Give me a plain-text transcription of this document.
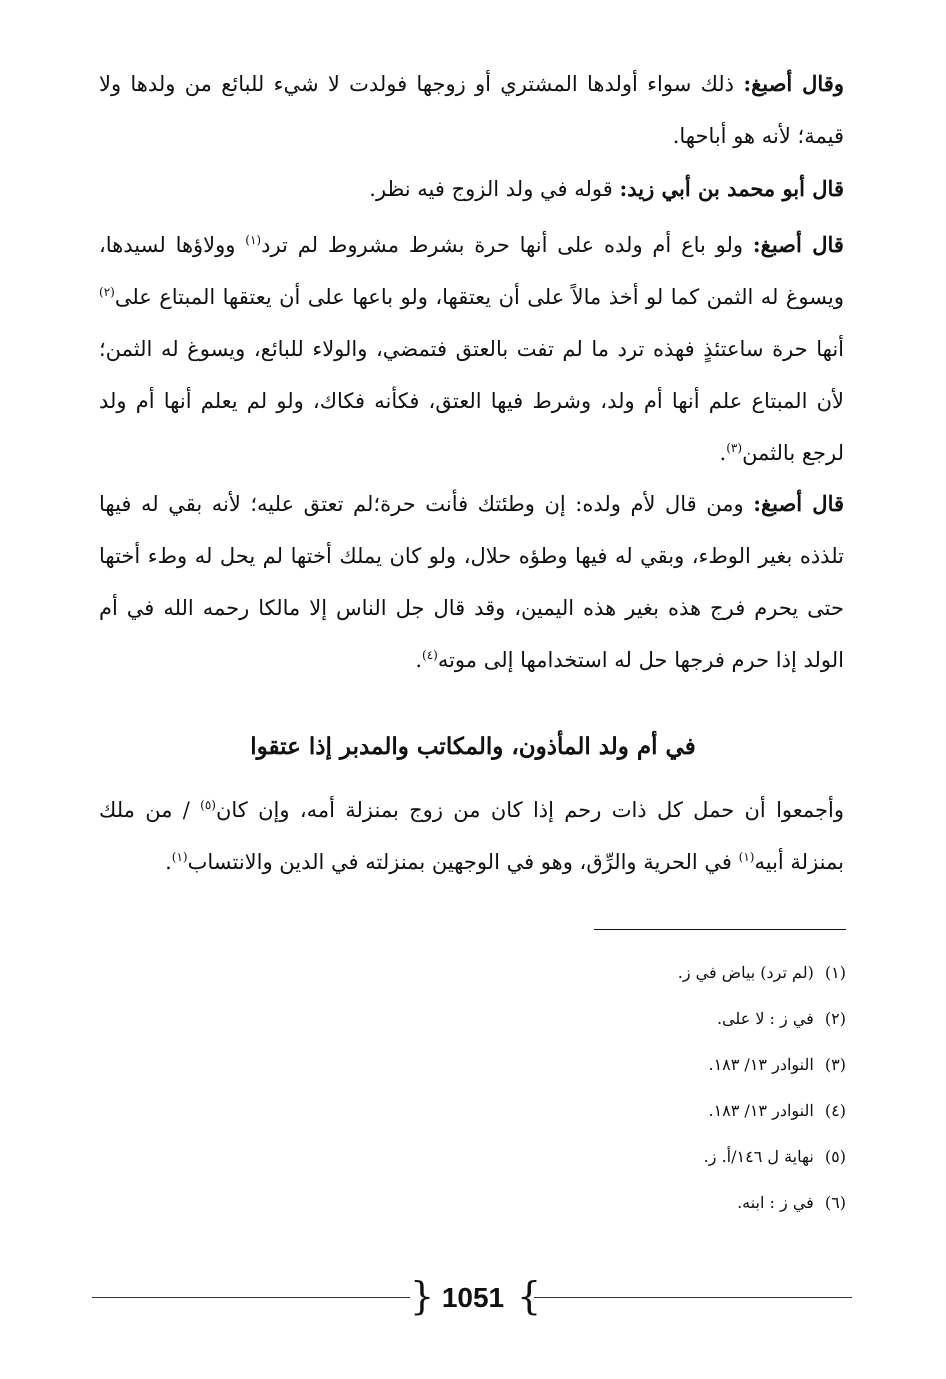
وقال أصبغ: ذلك سواء أولدها المشتري أو زوجها فولدت لا شيء للبائع من ولدها ولا قيمة؛ لأنه هو أباحها.

قال أبو محمد بن أبي زيد: قوله في ولد الزوج فيه نظر.

قال أصبغ: ولو باع أم ولده على أنها حرة بشرط مشروط لم ترد$^{(١)}$ وولاؤها لسيدها، ويسوغ له الثمن كما لو أخذ مالاً على أن يعتقها، ولو باعها على أن يعتقها المبتاع على$^{(٢)}$ أنها حرة ساعتئذٍ فهذه ترد ما لم تفت بالعتق فتمضي، والولاء للبائع، ويسوغ له الثمن؛ لأن المبتاع علم أنها أم ولد، وشرط فيها العتق، فكأنه فكاك، ولو لم يعلم أنها أم ولد لرجع بالثمن$^{(٣)}$.

قال أصبغ: ومن قال لأم ولده: إن وطئتك فأنت حرة؛لم تعتق عليه؛ لأنه بقي له فيها تلذذه بغير الوطء، وبقي له فيها وطؤه حلال، ولو كان يملك أختها لم يحل له وطء أختها حتى يحرم فرج هذه بغير هذه اليمين، وقد قال جل الناس إلا مالكا رحمه الله في أم الولد إذا حرم فرجها حل له استخدامها إلى موته$^{(٤)}$.

في أم ولد المأذون، والمكاتب والمدبر إذا عتقوا

وأجمعوا أن حمل كل ذات رحم إذا كان من زوج بمنزلة أمه، وإن كان$^{(٥)}$ / من ملك بمنزلة أبيه$^{(١)}$ في الحرية والرِّق، وهو في الوجهين بمنزلته في الدين والانتساب$^{(١)}$.

(١) (لم ترد) بياض في ز.
(٢) في ز : لا على.
(٣) النوادر ١٣/ ١٨٣.
(٤) النوادر ١٣/ ١٨٣.
(٥) نهاية ل ١٤٦/أ. ز.
(٦) في ز : ابنه.
{ 1051 }
